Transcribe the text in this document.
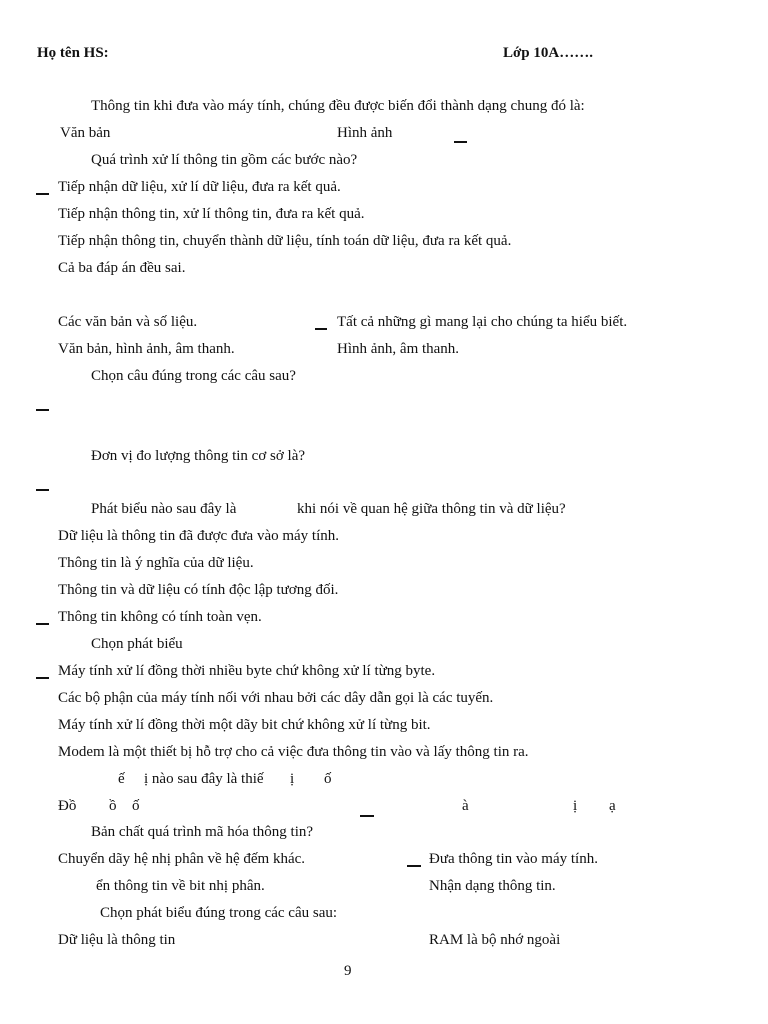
Họ tên HS:	Lớp 10A…….
Thông tin khi đưa vào máy tính, chúng đều được biến đổi thành dạng chung đó là:
Văn bản	Hình ảnh
Quá trình xử lí thông tin gồm các bước nào?
Tiếp nhận dữ liệu, xử lí dữ liệu, đưa ra kết quả.
Tiếp nhận thông tin, xử lí thông tin, đưa ra kết quả.
Tiếp nhận thông tin, chuyển thành dữ liệu, tính toán dữ liệu, đưa ra kết quả.
Cả ba đáp án đều sai.
Các văn bản và số liệu.	Tất cả những gì mang lại cho chúng ta hiểu biết.
Văn bản, hình ảnh, âm thanh.	Hình ảnh, âm thanh.
Chọn câu đúng trong các câu sau?
Đơn vị đo lượng thông tin cơ sở là?
Phát biểu nào sau đây là	khi nói về quan hệ giữa thông tin và dữ liệu?
Dữ liệu là thông tin đã được đưa vào máy tính.
Thông tin là ý nghĩa của dữ liệu.
Thông tin và dữ liệu có tính độc lập tương đối.
Thông tin không có tính toàn vẹn.
Chọn phát biểu
Máy tính xử lí đồng thời nhiều byte chứ không xử lí từng byte.
Các bộ phận của máy tính nối với nhau bởi các dây dẫn gọi là các tuyến.
Máy tính xử lí đồng thời một dãy bit chứ không xử lí từng bit.
Modem là một thiết bị hỗ trợ cho cả việc đưa thông tin vào và lấy thông tin ra.
ế ị nào sau đây là thiế ị ố
Đồ ồ ố	à	ị ạ
Bản chất quá trình mã hóa thông tin?
Chuyển dãy hệ nhị phân về hệ đếm khác.	Đưa thông tin vào máy tính.
ển thông tin về bit nhị phân.	Nhận dạng thông tin.
Chọn phát biểu đúng trong các câu sau:
Dữ liệu là thông tin	RAM là bộ nhớ ngoài
9
